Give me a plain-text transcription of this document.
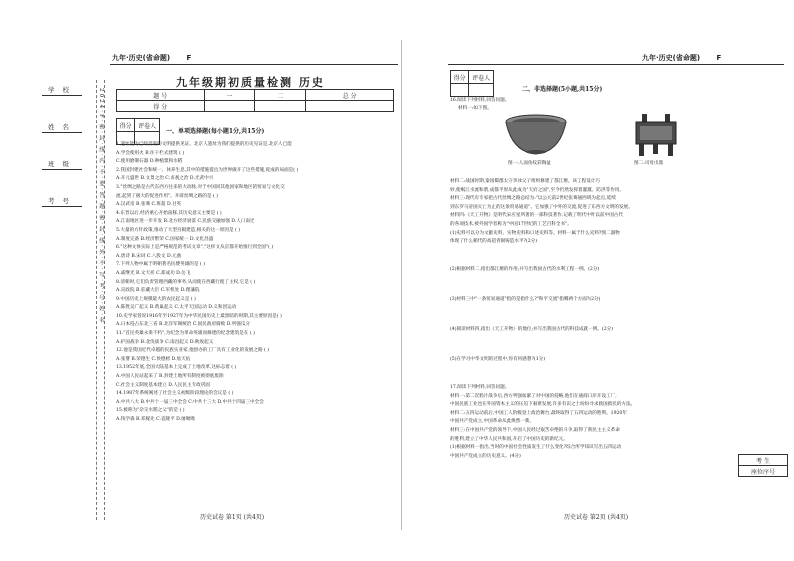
九年·历史(省命题) F
学校
姓名
班级
考号	2024·F·密·封·线·内·不·要·答·题·密·封·线·外·不·写·考·号·姓·名
九年级期初质量检测 历史
题 号	一	二	总 分
得 分			
得分	评卷人

一、单项选择题(每小题1分,共15分)
1.遗址能为已经消逝的文明提供见证。北京人遗址为我们提供的历史见证是,北京人已能
A.学会使用火 B.住干栏式建筑 ( )
C.使用磨制石器 D.种植粟和水稻
2.我国封建社会和统一、休养生息,其中的措施提出为世界做开了这些措施,促成的局面是( )
A.开元盛世 B.文景之治 C.贞观之治 D.光武中兴
3."丝绸之路是古代东西方往来的大动脉,对于中国同其他国家和地区的贸易与文化交
流,起到了极大的促进作用"。开辟丝绸之路的是 ( )
A.汉武帝 B.张骞 C.班超 D.甘英
4.东晋以后,经济重心开始南移,其历史意义主要是 ( )
A.江南地区进一步开发 B.北方经济衰落 C.民族交融加强 D.人口南迁
5.大量的方针政策,推动了大型宫殿建造,相关的这一原因是 ( )
A.制度完备 B.经济繁荣 C.国家统一 D.文化昌盛
6."这种文体实际上是严格规范的考试文章","这样文从京都开始推行到全国"( )
A.唐诗 B.宋词 C.八股文 D.元曲
7.下列人物中属于明朝著名抗倭英雄的是 ( )
A.戚继光 B.文天祥 C.郑成功 D.岳飞
8.清朝时,它们负责管理西藏的事务,从而使在西藏行使了主权,它是 ( )
A.宣政院 B.驻藏大臣 C.军机处 D.理藩院
9.中国历史上规模最大的农民起义是 ( )
A.陈胜吴广起义 B.黄巢起义 C.太平天国运动 D.义和团运动
10.史学家曾说1916年至1927年为中华民国历史上最黑暗的时期,其主要原因是( )
A.日本侵占东北三省 B.北洋军阀统治 C.国民政府腐败 D.列强瓜分
11."首民英雄永垂不朽",为纪念为革命英雄而修建的纪念建筑是在 ( )
A.护国战争 B.北伐战争 C.南昌起义 D.秋收起义
12.他是我国近代卓越的民族实业家,他创办的工厂具有工业化的发展之路 ( )
A.张謇 B.荣德生 C.侯德榜 D.詹天佑
13.1952年底,全国大陆基本上完成了土地改革,这标志着 ( )
A.中国人民站起来了 B.封建土地所有制度被彻底废除
C.社会主义制度基本建立 D.人民民主专政巩固
14.1987年系统阐述了社会主义初级阶段理论的会议是 ( )
A.中共八大 B.中共十一届三中全会 C.中共十三大 D.中共十四届三中全会
15.被称为"杂交水稻之父"的是 ( )
A.钱学森 B.邓稼先 C.袁隆平 D.屠呦呦
历史试卷 第1页 (共4页)
九年·历史(省命题) F
得分	评卷人

二、非选择题(5小题,共15分)
16.阅读下列材料,回答问题。
材料一:如下图。
图一:人面鱼纹彩陶盆	图二:司母戊鼎
材料二:战国时期,秦国蜀郡太守李冰父子组织修建了都江堰。该工程设计巧
妙,使岷江水流和谐,成都平原从此成为"天府之国",至今仍然发挥着灌溉、防洪等作用。
材料三:现代有专家把古代丝绸之路总结为:"以公元前2世纪张骞通西域为起点,延续
到东罗马帝国灭亡为止的这条贸易通道"。它加强了中外的交流,促进了东西方文明的发展。
材料四:《天工开物》是明代宋应星所著的一部科技著作,记载了明代中叶以前中国古代
的各项技术,被外国学者称为"中国17世纪的工艺百科全书"。
(1)史料可以分为文献史料、实物史料和口述史料等。材料一属于什么史料?图二器物
体现了什么朝代的高超青铜铸造水平?(2分)
(2)根据材料二,指出都江堰的作用;并写出我国古代的水利工程一例。(2分)
(3)材料三中"一条贸易通道"指的是指什么?"和平交流"指哪两个方面?(2分)
(4)阅读材料四,指出《天工开物》的地位;并写出我国古代的科技成就一例。(2分)
(5)在学习中华文明的过程中,你有何感想?(1分)
17.阅读下列材料,回答问题。
材料一:第二次鸦片战争后,西方列强加紧了对中国的侵略,他们在通商口岸开设工厂,
中国民族工业也在外国资本主义的压迫下艰难发展,许多有识之士纷纷寻求救国救民的方法。
材料二:五四运动前后,中国工人阶级登上政治舞台,最终取得了五四运动的胜利。1920年
中国共产党成立,中国革命从此焕然一新。
材料三:在中国共产党的领导下,中国人民经过艰苦卓绝的斗争,取得了新民主主义革命
的胜利,建立了中华人民共和国,开启了中国历史的新纪元。
(1)根据材料一指出,当时的中国社会性质发生了什么变化?综合所学知识写出五四运动
中国共产党成立的历史意义。(4分)
考 生
座位序号
历史试卷 第2页 (共4页)
